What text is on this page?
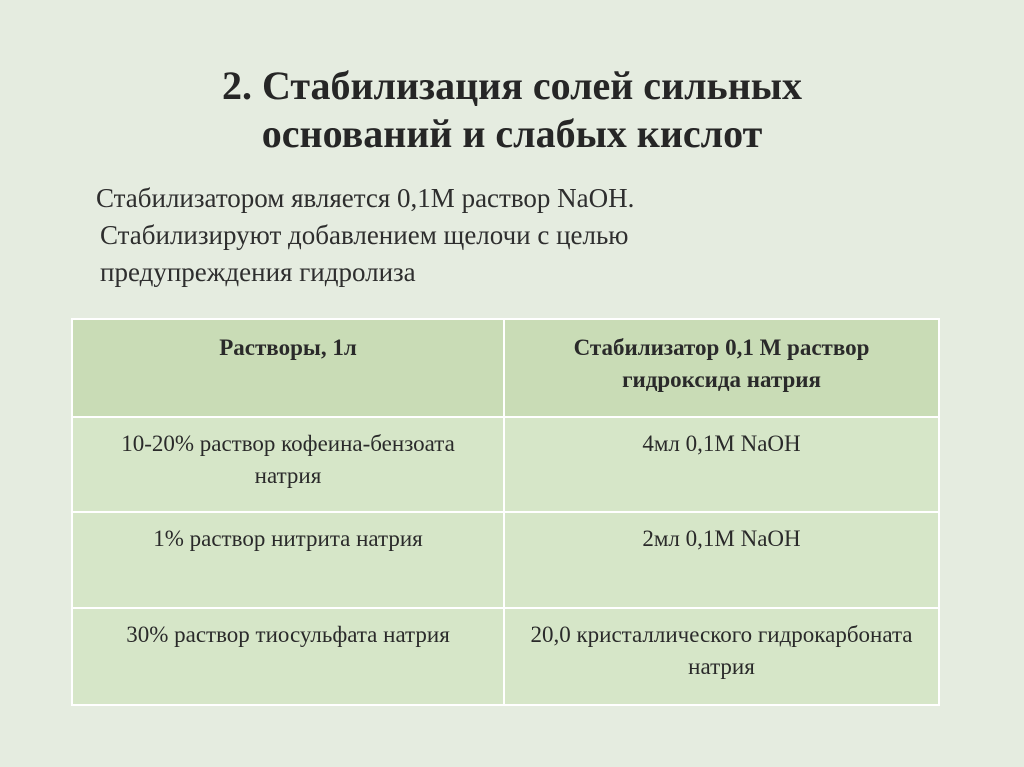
2. Стабилизация солей сильных
оснований и слабых кислот

Стабилизатором является 0,1М раствор NaOH.
Стабилизируют добавлением щелочи с целью
предупреждения гидролиза

Растворы, 1л	Стабилизатор 0,1 М раствор гидроксида натрия
10-20% раствор кофеина-бензоата натрия	4мл 0,1М NaOH
1% раствор нитрита натрия	2мл 0,1М NaOH
30% раствор тиосульфата натрия	20,0 кристаллического гидрокарбоната натрия
